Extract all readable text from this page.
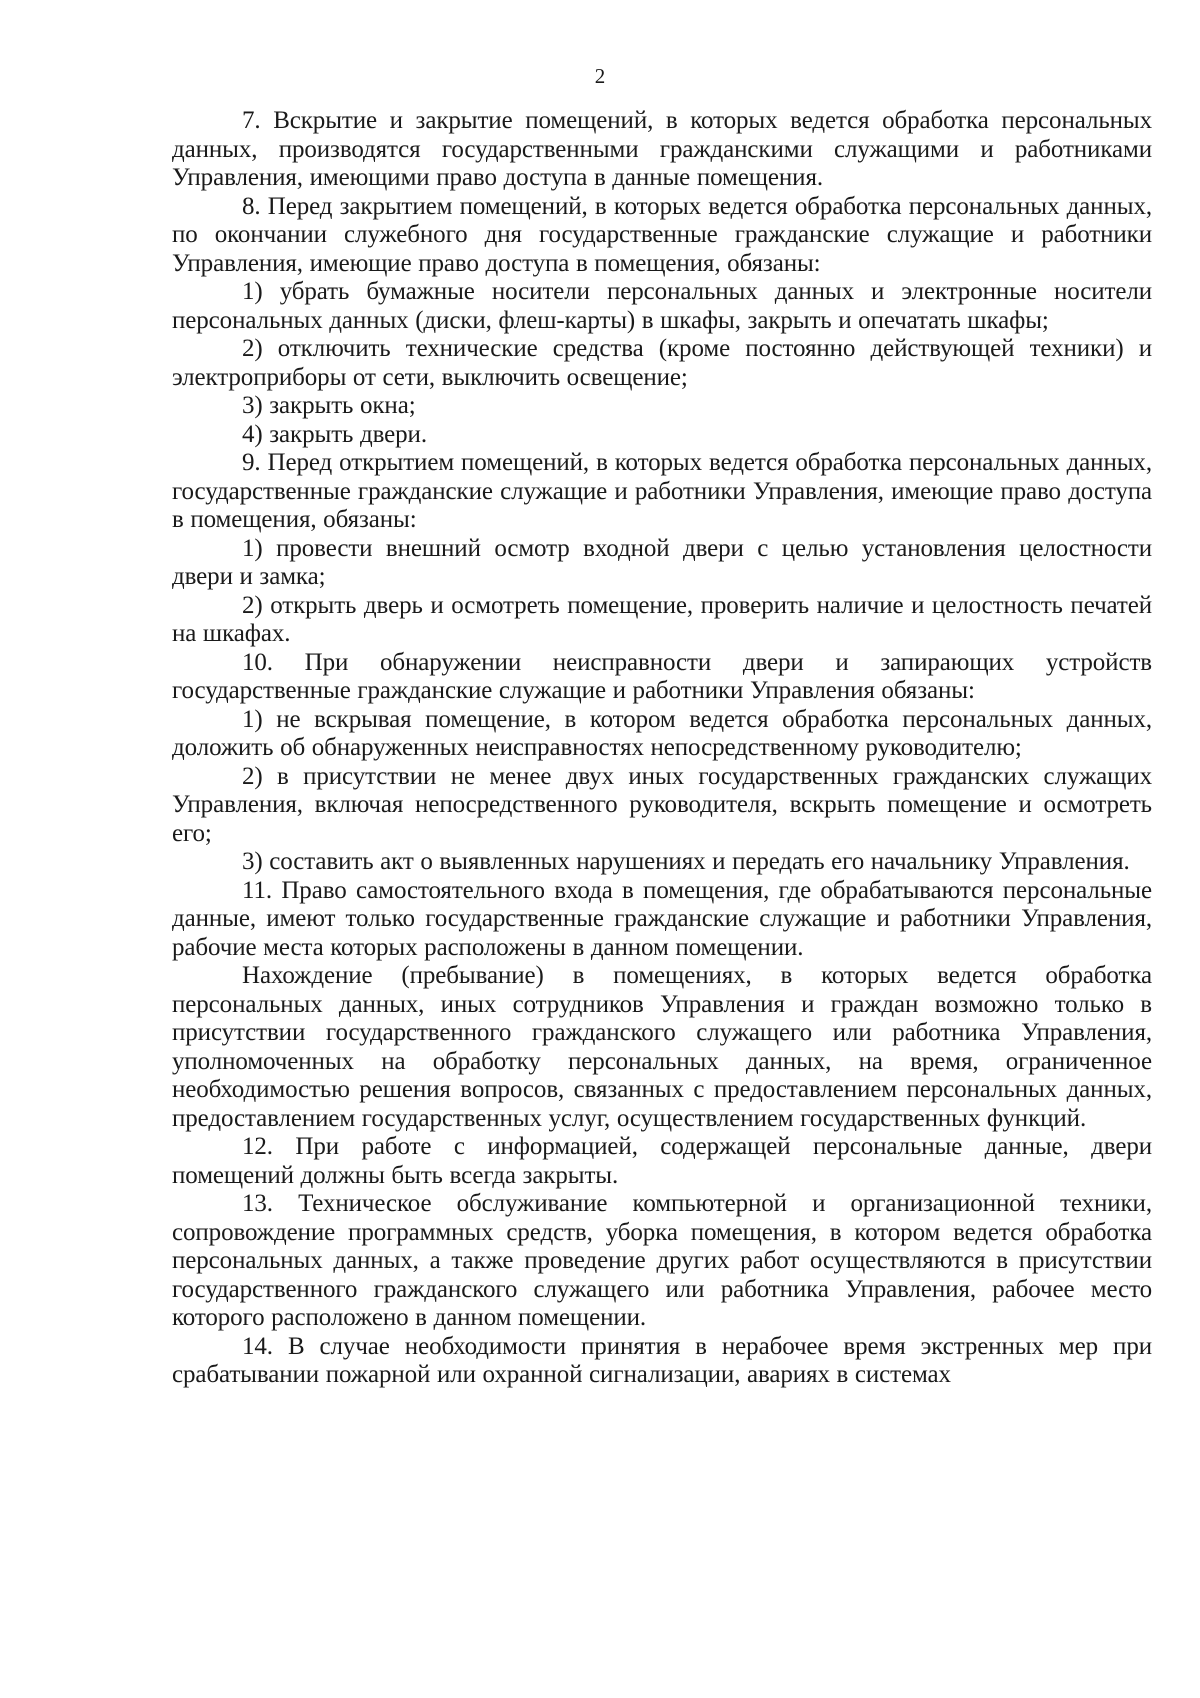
2

7. Вскрытие и закрытие помещений, в которых ведется обработка персональных данных, производятся государственными гражданскими служащими и работниками Управления, имеющими право доступа в данные помещения.

8. Перед закрытием помещений, в которых ведется обработка персональных данных, по окончании служебного дня государственные гражданские служащие и работники Управления, имеющие право доступа в помещения, обязаны:

1) убрать бумажные носители персональных данных и электронные носители персональных данных (диски, флеш-карты) в шкафы, закрыть и опечатать шкафы;

2) отключить технические средства (кроме постоянно действующей техники) и электроприборы от сети, выключить освещение;

3) закрыть окна;

4) закрыть двери.

9. Перед открытием помещений, в которых ведется обработка персональных данных, государственные гражданские служащие и работники Управления, имеющие право доступа в помещения, обязаны:

1) провести внешний осмотр входной двери с целью установления целостности двери и замка;

2) открыть дверь и осмотреть помещение, проверить наличие и целостность печатей на шкафах.

10. При обнаружении неисправности двери и запирающих устройств государственные гражданские служащие и работники Управления обязаны:

1) не вскрывая помещение, в котором ведется обработка персональных данных, доложить об обнаруженных неисправностях непосредственному руководителю;

2) в присутствии не менее двух иных государственных гражданских служащих Управления, включая непосредственного руководителя, вскрыть помещение и осмотреть его;

3) составить акт о выявленных нарушениях и передать его начальнику Управления.

11. Право самостоятельного входа в помещения, где обрабатываются персональные данные, имеют только государственные гражданские служащие и работники Управления, рабочие места которых расположены в данном помещении.

Нахождение (пребывание) в помещениях, в которых ведется обработка персональных данных, иных сотрудников Управления и граждан возможно только в присутствии государственного гражданского служащего или работника Управления, уполномоченных на обработку персональных данных, на время, ограниченное необходимостью решения вопросов, связанных с предоставлением персональных данных, предоставлением государственных услуг, осуществлением государственных функций.

12. При работе с информацией, содержащей персональные данные, двери помещений должны быть всегда закрыты.

13. Техническое обслуживание компьютерной и организационной техники, сопровождение программных средств, уборка помещения, в котором ведется обработка персональных данных, а также проведение других работ осуществляются в присутствии государственного гражданского служащего или работника Управления, рабочее место которого расположено в данном помещении.

14. В случае необходимости принятия в нерабочее время экстренных мер при срабатывании пожарной или охранной сигнализации, авариях в системах
